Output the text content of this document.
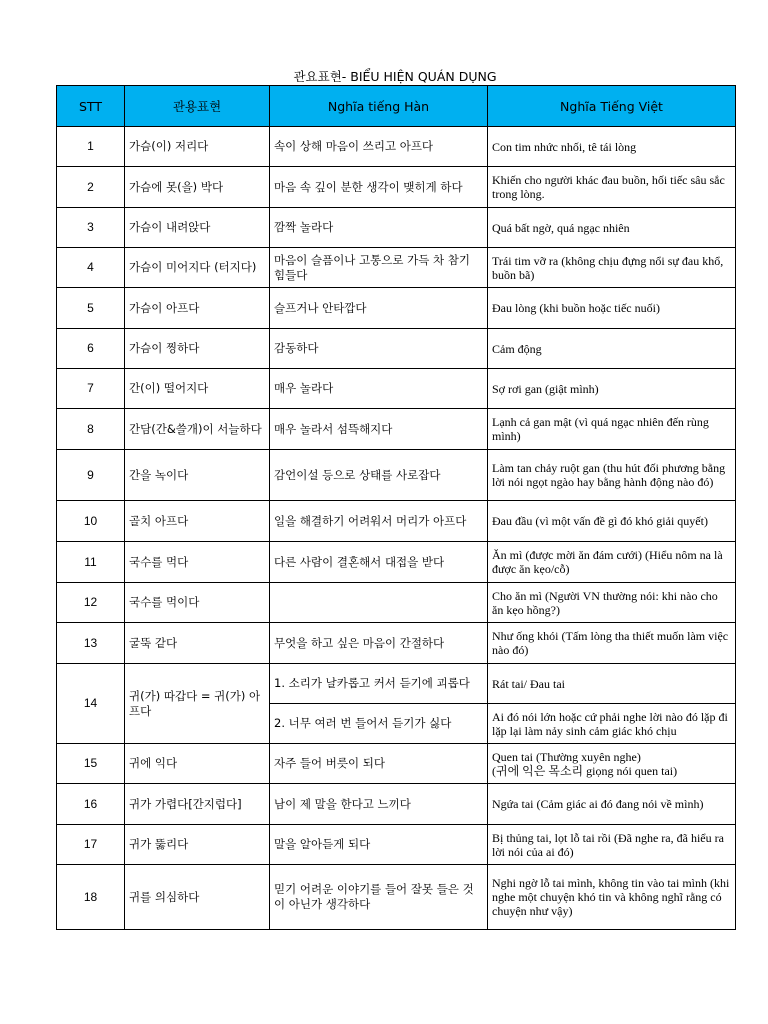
관요표현- BIỂU HIỆN QUÁN DỤNG
STT	관용표현	Nghĩa tiếng Hàn	Nghĩa Tiếng Việt
1	가슴(이) 저리다	속이 상해 마음이 쓰리고 아프다	Con tim nhức nhối, tê tái lòng
2	가슴에 못(을) 박다	마음 속 깊이 분한 생각이 맺히게 하다	Khiến cho người khác đau buồn, hối tiếc sâu sắc trong lòng.
3	가슴이 내려앉다	깜짝 놀라다	Quá bất ngờ, quá ngạc nhiên
4	가슴이 미어지다 (터지다)	마음이 슬픔이나 고통으로 가득 차 참기 힘들다	Trái tim vỡ ra (không chịu đựng nổi sự đau khổ, buồn bã)
5	가슴이 아프다	슬프거나 안타깝다	Đau lòng (khi buồn hoặc tiếc nuối)
6	가슴이 찡하다	감동하다	Cảm động
7	간(이) 떨어지다	매우 놀라다	Sợ rơi gan (giật mình)
8	간담(간&쓸개)이 서늘하다	매우 놀라서 섬뜩해지다	Lạnh cả gan mật (vì quá ngạc nhiên đến rùng mình)
9	간을 녹이다	감언이설 등으로 상태를 사로잡다	Làm tan chảy ruột gan (thu hút đối phương bằng lời nói ngọt ngào hay bằng hành động nào đó)
10	골치 아프다	일을 해결하기 어려워서 머리가 아프다	Đau đầu (vì một vấn đề gì đó khó giải quyết)
11	국수를 먹다	다른 사람이 결혼해서 대접을 받다	Ăn mì (được mời ăn đám cưới) (Hiểu nôm na là được ăn kẹo/cỗ)
12	국수를 먹이다		Cho ăn mì (Người VN thường nói: khi nào cho ăn kẹo hồng?)
13	굴뚝 같다	무엇을 하고 싶은 마음이 간절하다	Như ống khói (Tấm lòng tha thiết muốn làm việc nào đó)
14	귀(가) 따갑다 = 귀(가) 아프다	1. 소리가 날카롭고 커서 듣기에 괴롭다	Rát tai/ Đau tai
		2. 너무 여러 번 들어서 듣기가 싫다	Ai đó nói lớn hoặc cứ phải nghe lời nào đó lặp đi lặp lại làm nảy sinh cảm giác khó chịu
15	귀에 익다	자주 들어 버릇이 되다	Quen tai (Thường xuyên nghe)
(귀에 익은 목소리 giọng nói quen tai)

16	귀가 가렵다[간지럽다]	남이 제 말을 한다고 느끼다	Ngứa tai (Cảm giác ai đó đang nói về mình)
17	귀가 뚫리다	말을 알아듣게 되다	Bị thủng tai, lọt lỗ tai rồi (Đã nghe ra, đã hiểu ra lời nói của ai đó)
18	귀를 의심하다	믿기 어려운 이야기를 들어 잘못 들은 것이 아닌가 생각하다	Nghi ngờ lỗ tai mình, không tin vào tai mình (khi nghe một chuyện khó tin và không nghĩ rằng có chuyện như vậy)
